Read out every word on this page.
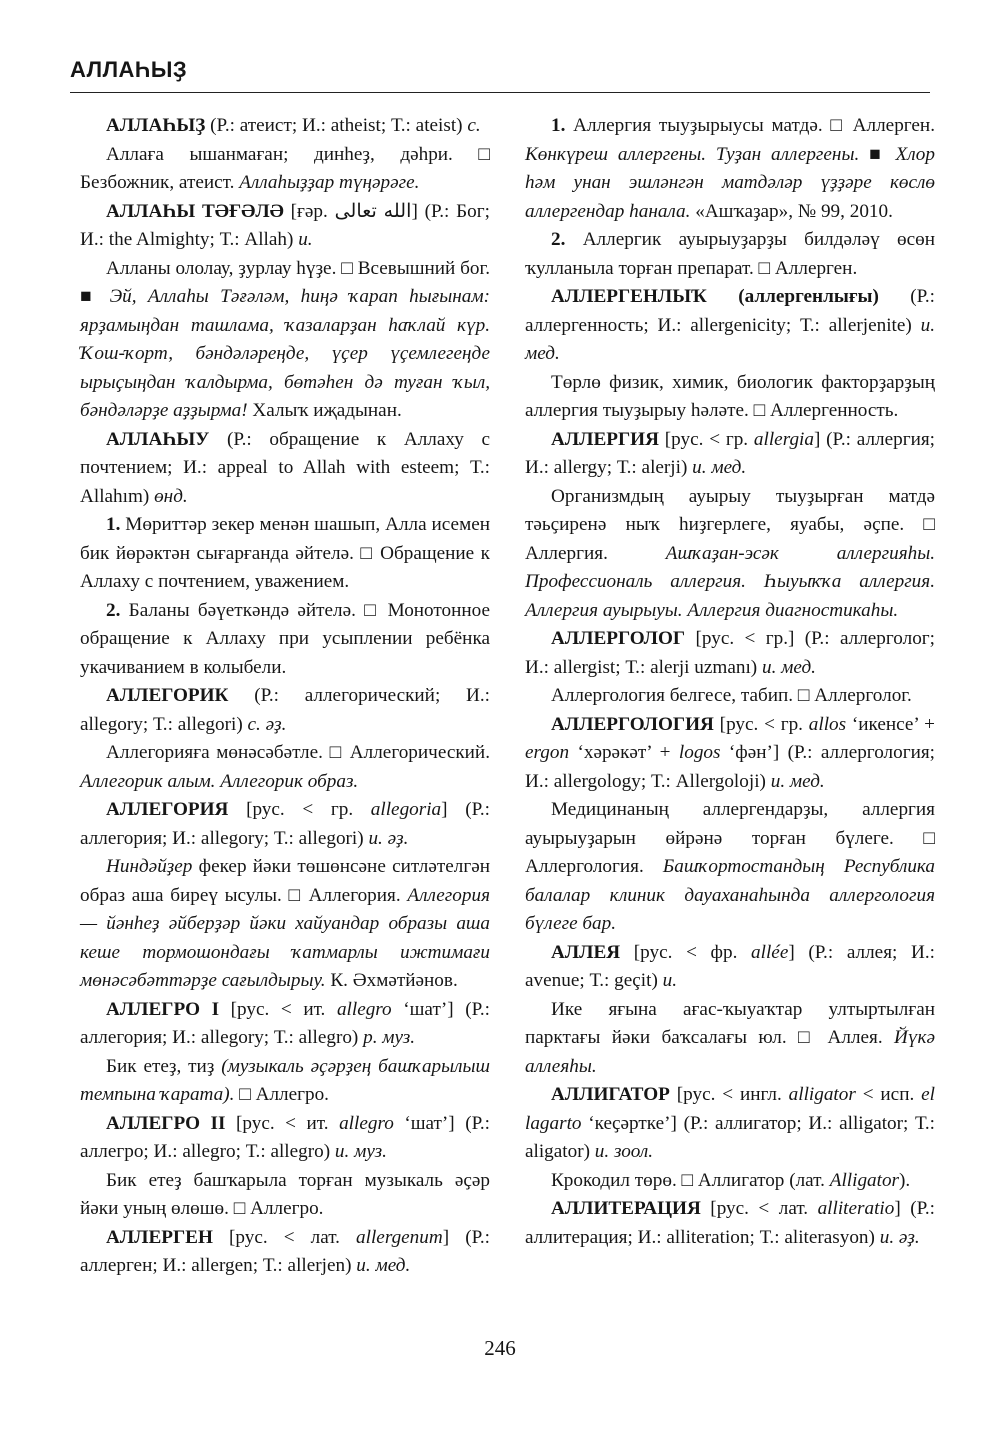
АЛЛАҺЫҘ

АЛЛАҺЫҘ (Р.: атеист; И.: atheist; Т.: ateist) с.

Аллаға ышанмаған; динһеҙ, дәһри. □ Безбожник, атеист. Аллаһыҙҙар түңәрәге.

АЛЛАҺЫ ТӘҒӘЛӘ [ғәр. الله تعالى] (Р.: Бог; И.: the Almighty; Т.: Allah) и.

Алланы ололау, ҙурлау һүҙе. □ Всевышний бог. ■ Эй, Аллаһы Тәғәләм, һиңә ҡарап һығынам: ярҙамыңдан ташлама, ҡазаларҙан һаҡлай күр. Ҡош-ҡорт, бәндәләреңде, үҫер үҫемлегеңде ырыҫыңдан ҡалдырма, бөтәһен дә туған ҡыл, бәндәләрҙе аҙҙырма! Халыҡ иҗадынан.

АЛЛАҺЫУ (Р.: обращение к Аллаху с почтением; И.: appeal to Allah with esteem; Т.: Allahım) өнд.

1. Мөриттәр зекер менән шашып, Алла исемен бик йөрәктән сығарғанда әйтелә. □ Обращение к Аллаху с почтением, уважением.

2. Баланы бәүеткәндә әйтелә. □ Монотонное обращение к Аллаху при усыплении ребёнка укачиванием в колыбели.

АЛЛЕГОРИК (Р.: аллегорический; И.: allegory; Т.: allegori) с. әҙ.

Аллегорияға мөнәсәбәтле. □ Аллегорический. Аллегорик алым. Аллегорик образ.

АЛЛЕГОРИЯ [рус. < гр. allegoria] (Р.: аллегория; И.: allegory; Т.: allegori) и. әҙ.

Ниндәйҙер фекер йәки төшөнсәне ситләтелгән образ аша биреү ысулы. □ Аллегория. Аллегория — йәнһеҙ әйберҙәр йәки хайуандар образы аша кеше тормошондағы ҡатмарлы ижтимағи мөнәсәбәттәрҙе сағылдырыу. К. Әхмәтйәнов.

АЛЛЕГРО I [рус. < ит. allegro ‘шат’] (Р.: аллегория; И.: allegory; Т.: allegro) р. муз.

Бик етеҙ, тиҙ (музыкаль әҫәрҙең башҡарылыш темпына ҡарата). □ Аллегро.

АЛЛЕГРО II [рус. < ит. allegro ‘шат’] (Р.: аллегро; И.: allegro; Т.: allegro) и. муз.

Бик етеҙ башҡарыла торған музыкаль әҫәр йәки уның өлөшө. □ Аллегро.

АЛЛЕРГЕН [рус. < лат. allergenum] (Р.: аллерген; И.: allergen; Т.: allerjen) и. мед.

1. Аллергия тыуҙырыусы матдә. □ Аллерген. Көнкүреш аллергены. Туҙан аллергены. ■ Хлор һәм унан эшләнгән матдәләр үҙҙәре көслө аллергендар һанала. «Ашҡаҙар», № 99, 2010.

2. Аллергик ауырыуҙарҙы билдәләү өсөн ҡулланыла торған препарат. □ Аллерген.

АЛЛЕРГЕНЛЫҠ (аллергенлығы) (Р.: аллергенность; И.: allergenicity; Т.: allerjenite) и. мед.

Төрлө физик, химик, биологик факторҙарҙың аллергия тыуҙырыу һәләте. □ Аллергенность.

АЛЛЕРГИЯ [рус. < гр. allergia] (Р.: аллергия; И.: allergy; Т.: alerji) и. мед.

Организмдың ауырыу тыуҙырған матдә тәьҫиренә ныҡ һиҙгерлеге, яуабы, әҫпе. □ Аллергия. Ашҡаҙан-эсәк аллергияһы. Профессиональ аллергия. Һыуыҡҡа аллергия. Аллергия ауырыуы. Аллергия диагностикаһы.

АЛЛЕРГОЛОГ [рус. < гр.] (Р.: аллерголог; И.: allergist; Т.: alerji uzmanı) и. мед.

Аллергология белгесе, табип. □ Аллерголог.

АЛЛЕРГОЛОГИЯ [рус. < гр. allos ‘икенсе’ + ergon ‘хәрәкәт’ + logos ‘фән’] (Р.: аллергология; И.: allergology; Т.: Allergoloji) и. мед.

Медицинаның аллергендарҙы, аллергия ауырыуҙарын өйрәнә торған бүлеге. □ Аллергология. Башҡортостандың Республика балалар клиник дауаханаһында аллергология бүлеге бар.

АЛЛЕЯ [рус. < фр. allée] (Р.: аллея; И.: avenue; Т.: geçit) и.

Ике яғына ағас-ҡыуаҡтар ултыртылған парктағы йәки баҡсалағы юл. □ Аллея. Йүкә аллеяһы.

АЛЛИГАТОР [рус. < ингл. alligator < исп. el lagarto ‘кеҫәртке’] (Р.: аллигатор; И.: alligator; Т.: aligator) и. зоол.

Крокодил төрө. □ Аллигатор (лат. Alligator).

АЛЛИТЕРАЦИЯ [рус. < лат. alliteratio] (Р.: аллитерация; И.: alliteration; Т.: aliterasyon) и. әҙ.

246
